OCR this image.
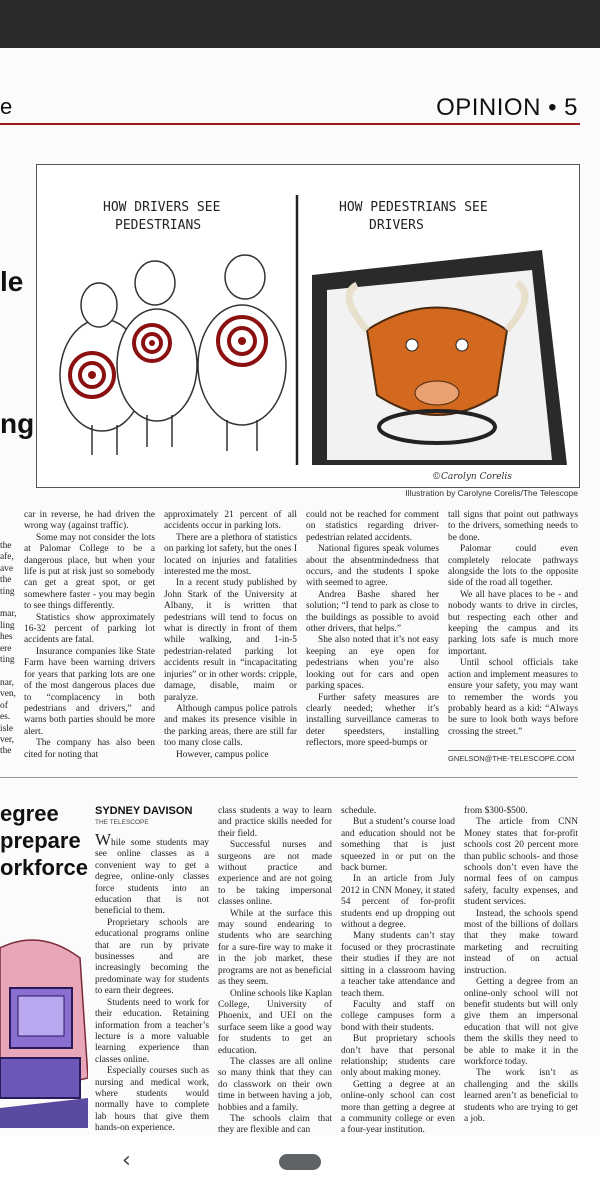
e	OPINION • 5
le
ng
HOW DRIVERS SEE
PEDESTRIANS
HOW PEDESTRIANS SEE
DRIVERS
©Carolyn Corelis
Illustration by Carolyne Corelis/The Telescope
the
afe,
ave
the
ting

mar,
ling
hes
ere
ting

nar,
ven,
of
es.
isle
ver,
the

car in reverse, he had driven the wrong way (against traffic).

Some may not consider the lots at Palomar College to be a dangerous place, but when your life is put at risk just so somebody can get a great spot, or get somewhere faster - you may begin to see things differently.

Statistics show approximately 16-32 percent of parking lot accidents are fatal.

Insurance companies like State Farm have been warning drivers for years that parking lots are one of the most dangerous places due to “complacency in both pedestrians and drivers,” and warns both parties should be more alert.

The company has also been cited for noting that

approximately 21 percent of all accidents occur in parking lots.

There are a plethora of statistics on parking lot safety, but the ones I located on injuries and fatalities interested me the most.

In a recent study published by John Stark of the University at Albany, it is written that pedestrians will tend to focus on what is directly in front of them while walking, and 1-in-5 pedestrian-related parking lot accidents result in “incapacitating injuries” or in other words: cripple, damage, disable, maim or paralyze.

Although campus police patrols and makes its presence visible in the parking areas, there are still far too many close calls.

However, campus police

could not be reached for comment on statistics regarding driver-pedestrian related accidents.

National figures speak volumes about the absentmindedness that occurs, and the students I spoke with seemed to agree.

Andrea Bashe shared her solution; “I tend to park as close to the buildings as possible to avoid other drivers, that helps.”

She also noted that it’s not easy keeping an eye open for pedestrians when you’re also looking out for cars and open parking spaces.

Further safety measures are clearly needed; whether it’s installing surveillance cameras to deter speedsters, installing reflectors, more speed-bumps or

tall signs that point out pathways to the drivers, something needs to be done.

Palomar could even completely relocate pathways alongside the lots to the opposite side of the road all together.

We all have places to be - and nobody wants to drive in circles, but respecting each other and keeping the campus and its parking lots safe is much more important.

Until school officials take action and implement measures to ensure your safety, you may want to remember the words you probably heard as a kid: “Always be sure to look both ways before crossing the street.”

GNELSON@THE-TELESCOPE.COM
egree
prepare
orkforce
SYDNEY DAVISON
THE TELESCOPE

While some students may see online classes as a convenient way to get a degree, online-only classes force students into an education that is not beneficial to them.

Proprietary schools are educational programs online that are run by private businesses and are increasingly becoming the predominate way for students to earn their degrees.

Students need to work for their education. Retaining information from a teacher’s lecture is a more valuable learning experience than classes online.

Especially courses such as nursing and medical work, where students would normally have to complete lab hours that give them hands-on experience.

class students a way to learn and practice skills needed for their field.

Successful nurses and surgeons are not made without practice and experience and are not going to be taking impersonal classes online.

While at the surface this may sound endearing to students who are searching for a sure-fire way to make it in the job market, these programs are not as beneficial as they seem.

Online schools like Kaplan College, University of Phoenix, and UEI on the surface seem like a good way for students to get an education.

The classes are all online so many think that they can do classwork on their own time in between having a job, hobbies and a family.

The schools claim that they are flexible and can

schedule.

But a student’s course load and education should not be something that is just squeezed in or put on the back burner.

In an article from July 2012 in CNN Money, it stated 54 percent of for-profit students end up dropping out without a degree.

Many students can’t stay focused or they procrastinate their studies if they are not sitting in a classroom having a teacher take attendance and teach them.

Faculty and staff on college campuses form a bond with their students.

But proprietary schools don’t have that personal relationship; students care only about making money.

Getting a degree at an online-only school can cost more than getting a degree at a community college or even a four-year institution.

from $300-$500.

The article from CNN Money states that for-profit schools cost 20 percent more than public schools- and those schools don’t even have the normal fees of on campus safety, faculty expenses, and student services.

Instead, the schools spend most of the billions of dollars that they make toward marketing and recruiting instead of on actual instruction.

Getting a degree from an online-only school will not benefit students but will only give them an impersonal education that will not give them the skills they need to be able to make it in the workforce today.

The work isn’t as challenging and the skills learned aren’t as beneficial to students who are trying to get a job.

‹
